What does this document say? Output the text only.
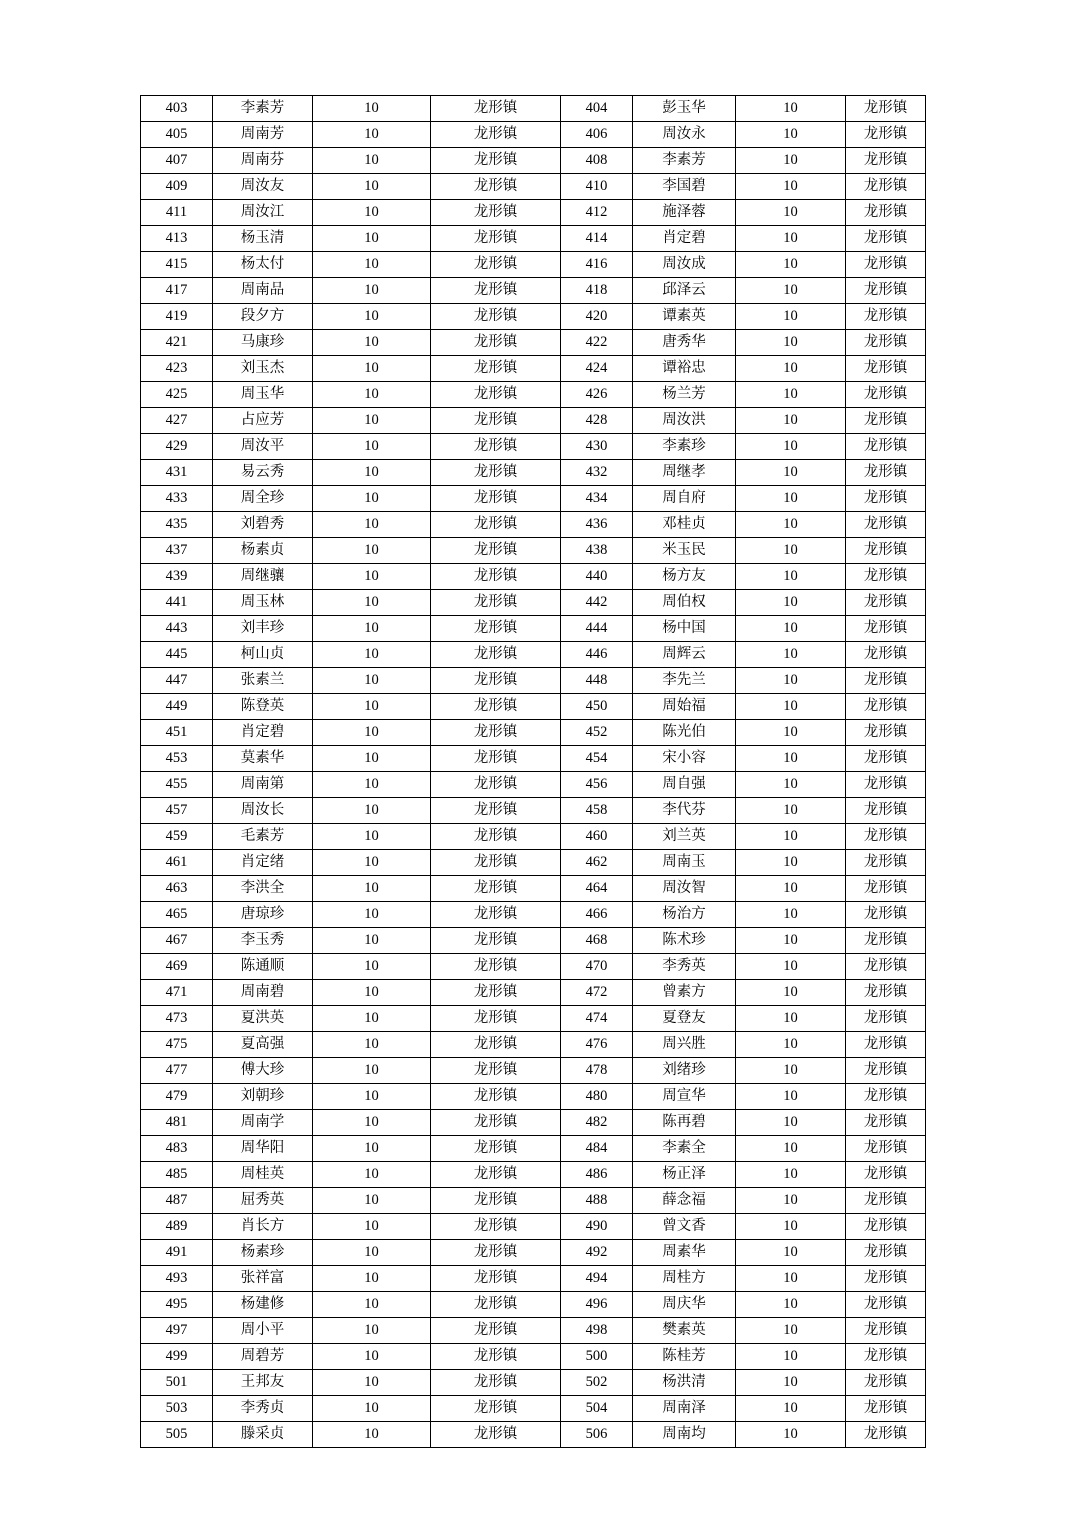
403	李素芳	10	龙形镇	404	彭玉华	10	龙形镇
405	周南芳	10	龙形镇	406	周汝永	10	龙形镇
407	周南芬	10	龙形镇	408	李素芳	10	龙形镇
409	周汝友	10	龙形镇	410	李国碧	10	龙形镇
411	周汝江	10	龙形镇	412	施泽蓉	10	龙形镇
413	杨玉清	10	龙形镇	414	肖定碧	10	龙形镇
415	杨太付	10	龙形镇	416	周汝成	10	龙形镇
417	周南品	10	龙形镇	418	邱泽云	10	龙形镇
419	段夕方	10	龙形镇	420	谭素英	10	龙形镇
421	马康珍	10	龙形镇	422	唐秀华	10	龙形镇
423	刘玉杰	10	龙形镇	424	谭裕忠	10	龙形镇
425	周玉华	10	龙形镇	426	杨兰芳	10	龙形镇
427	占应芳	10	龙形镇	428	周汝洪	10	龙形镇
429	周汝平	10	龙形镇	430	李素珍	10	龙形镇
431	易云秀	10	龙形镇	432	周继孝	10	龙形镇
433	周全珍	10	龙形镇	434	周自府	10	龙形镇
435	刘碧秀	10	龙形镇	436	邓桂贞	10	龙形镇
437	杨素贞	10	龙形镇	438	米玉民	10	龙形镇
439	周继骧	10	龙形镇	440	杨方友	10	龙形镇
441	周玉林	10	龙形镇	442	周伯权	10	龙形镇
443	刘丰珍	10	龙形镇	444	杨中国	10	龙形镇
445	柯山贞	10	龙形镇	446	周辉云	10	龙形镇
447	张素兰	10	龙形镇	448	李先兰	10	龙形镇
449	陈登英	10	龙形镇	450	周始福	10	龙形镇
451	肖定碧	10	龙形镇	452	陈光伯	10	龙形镇
453	莫素华	10	龙形镇	454	宋小容	10	龙形镇
455	周南第	10	龙形镇	456	周自强	10	龙形镇
457	周汝长	10	龙形镇	458	李代芬	10	龙形镇
459	毛素芳	10	龙形镇	460	刘兰英	10	龙形镇
461	肖定绪	10	龙形镇	462	周南玉	10	龙形镇
463	李洪全	10	龙形镇	464	周汝智	10	龙形镇
465	唐琼珍	10	龙形镇	466	杨治方	10	龙形镇
467	李玉秀	10	龙形镇	468	陈术珍	10	龙形镇
469	陈通顺	10	龙形镇	470	李秀英	10	龙形镇
471	周南碧	10	龙形镇	472	曾素方	10	龙形镇
473	夏洪英	10	龙形镇	474	夏登友	10	龙形镇
475	夏高强	10	龙形镇	476	周兴胜	10	龙形镇
477	傅大珍	10	龙形镇	478	刘绪珍	10	龙形镇
479	刘朝珍	10	龙形镇	480	周宣华	10	龙形镇
481	周南学	10	龙形镇	482	陈再碧	10	龙形镇
483	周华阳	10	龙形镇	484	李素全	10	龙形镇
485	周桂英	10	龙形镇	486	杨正泽	10	龙形镇
487	屈秀英	10	龙形镇	488	薛念福	10	龙形镇
489	肖长方	10	龙形镇	490	曾文香	10	龙形镇
491	杨素珍	10	龙形镇	492	周素华	10	龙形镇
493	张祥富	10	龙形镇	494	周桂方	10	龙形镇
495	杨建修	10	龙形镇	496	周庆华	10	龙形镇
497	周小平	10	龙形镇	498	樊素英	10	龙形镇
499	周碧芳	10	龙形镇	500	陈桂芳	10	龙形镇
501	王邦友	10	龙形镇	502	杨洪清	10	龙形镇
503	李秀贞	10	龙形镇	504	周南泽	10	龙形镇
505	滕采贞	10	龙形镇	506	周南均	10	龙形镇
